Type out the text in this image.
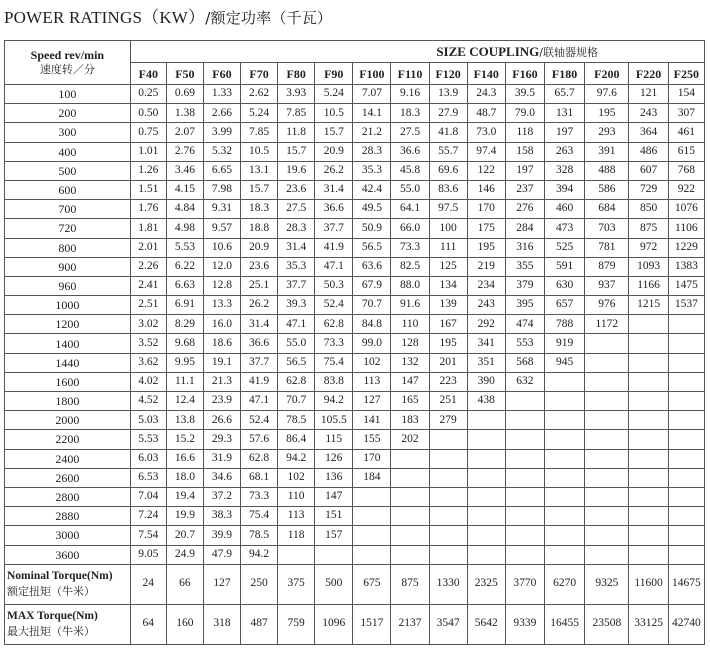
POWER RATINGS（KW）/额定功率（千瓦）
Speed rev/min
速度转／分	SIZE COUPLING/联轴器规格														
	F40	F50	F60	F70	F80	F90	F100	F110	F120	F140	F160	F180	F200	F220	F250
100	0.25	0.69	1.33	2.62	3.93	5.24	7.07	9.16	13.9	24.3	39.5	65.7	97.6	121	154
200	0.50	1.38	2.66	5.24	7.85	10.5	14.1	18.3	27.9	48.7	79.0	131	195	243	307
300	0.75	2.07	3.99	7.85	11.8	15.7	21.2	27.5	41.8	73.0	118	197	293	364	461
400	1.01	2.76	5.32	10.5	15.7	20.9	28.3	36.6	55.7	97.4	158	263	391	486	615
500	1.26	3.46	6.65	13.1	19.6	26.2	35.3	45.8	69.6	122	197	328	488	607	768
600	1.51	4.15	7.98	15.7	23.6	31.4	42.4	55.0	83.6	146	237	394	586	729	922
700	1.76	4.84	9.31	18.3	27.5	36.6	49.5	64.1	97.5	170	276	460	684	850	1076
720	1.81	4.98	9.57	18.8	28.3	37.7	50.9	66.0	100	175	284	473	703	875	1106
800	2.01	5.53	10.6	20.9	31.4	41.9	56.5	73.3	111	195	316	525	781	972	1229
900	2.26	6.22	12.0	23.6	35.3	47.1	63.6	82.5	125	219	355	591	879	1093	1383
960	2.41	6.63	12.8	25.1	37.7	50.3	67.9	88.0	134	234	379	630	937	1166	1475
1000	2.51	6.91	13.3	26.2	39.3	52.4	70.7	91.6	139	243	395	657	976	1215	1537
1200	3.02	8.29	16.0	31.4	47.1	62.8	84.8	110	167	292	474	788	1172		
1400	3.52	9.68	18.6	36.6	55.0	73.3	99.0	128	195	341	553	919			
1440	3.62	9.95	19.1	37.7	56.5	75.4	102	132	201	351	568	945			
1600	4.02	11.1	21.3	41.9	62.8	83.8	113	147	223	390	632				
1800	4.52	12.4	23.9	47.1	70.7	94.2	127	165	251	438					
2000	5.03	13.8	26.6	52.4	78.5	105.5	141	183	279						
2200	5.53	15.2	29.3	57.6	86.4	115	155	202							
2400	6.03	16.6	31.9	62.8	94.2	126	170								
2600	6.53	18.0	34.6	68.1	102	136	184								
2800	7.04	19.4	37.2	73.3	110	147									
2880	7.24	19.9	38.3	75.4	113	151									
3000	7.54	20.7	39.9	78.5	118	157									
3600	9.05	24.9	47.9	94.2											

Nominal Torque(Nm)
额定扭矩（牛米）	24	66	127	250	375	500	675	875	1330	2325	3770	6270	9325	11600	14675

MAX Torque(Nm)
最大扭矩（牛米）	64	160	318	487	759	1096	1517	2137	3547	5642	9339	16455	23508	33125	42740
